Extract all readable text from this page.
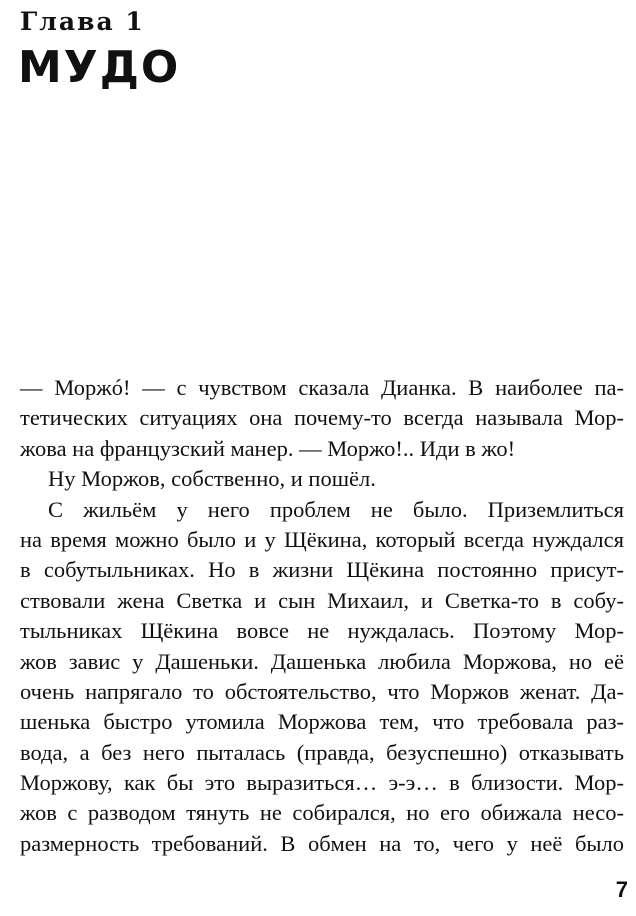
Глава 1
МУДО
— Моржó! — с чувством сказала Дианка. В наиболее па-
тетических ситуациях она почему-то всегда называла Мор-
жова на французский манер. — Моржо!.. Иди в жо!
Ну Моржов, собственно, и пошёл.
С жильём у него проблем не было. Приземлиться
на время можно было и у Щёкина, который всегда нуждался
в собутыльниках. Но в жизни Щёкина постоянно присут-
ствовали жена Светка и сын Михаил, и Светка-то в собу-
тыльниках Щёкина вовсе не нуждалась. Поэтому Мор-
жов завис у Дашеньки. Дашенька любила Моржова, но её
очень напрягало то обстоятельство, что Моржов женат. Да-
шенька быстро утомила Моржова тем, что требовала раз-
вода, а без него пыталась (правда, безуспешно) отказывать
Моржову, как бы это выразиться… э-э… в близости. Мор-
жов с разводом тянуть не собирался, но его обижала несо-
размерность требований. В обмен на то, чего у неё было
7
